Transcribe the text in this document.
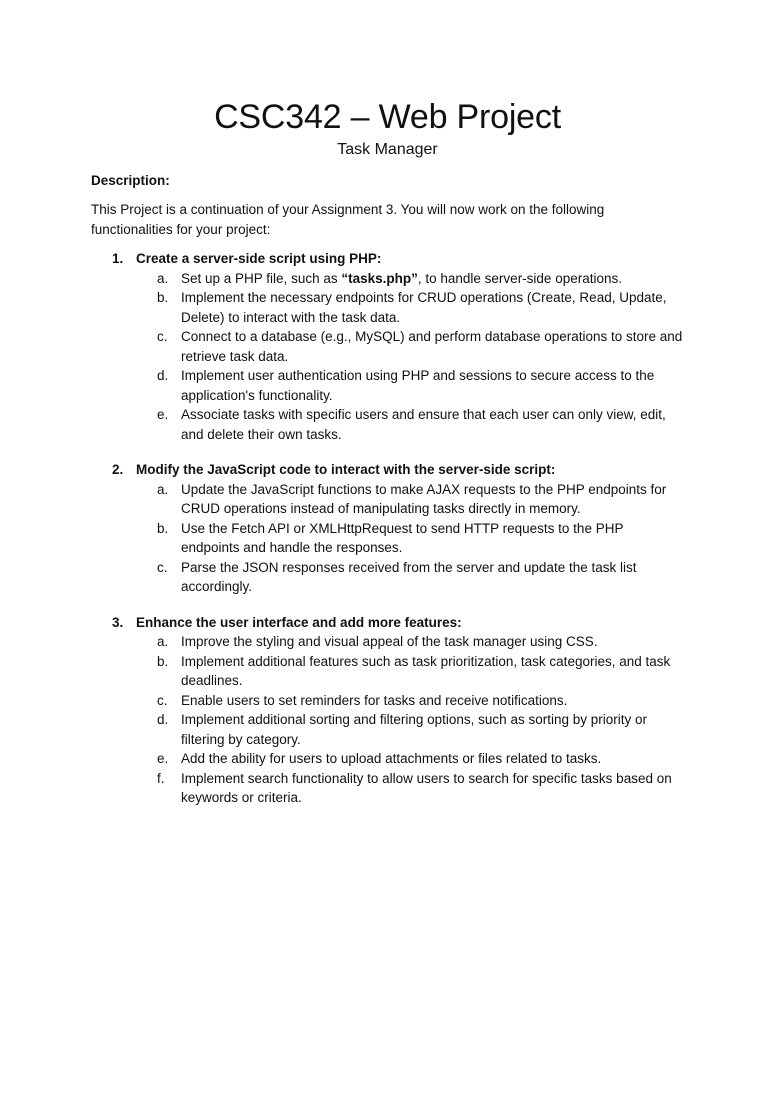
CSC342 – Web Project
Task Manager
Description:

This Project is a continuation of your Assignment 3. You will now work on the following functionalities for your project:

1. Create a server-side script using PHP:
a. Set up a PHP file, such as “tasks.php”, to handle server-side operations.
b. Implement the necessary endpoints for CRUD operations (Create, Read, Update, Delete) to interact with the task data.
c. Connect to a database (e.g., MySQL) and perform database operations to store and retrieve task data.
d. Implement user authentication using PHP and sessions to secure access to the application's functionality.
e. Associate tasks with specific users and ensure that each user can only view, edit, and delete their own tasks.
2. Modify the JavaScript code to interact with the server-side script:
a. Update the JavaScript functions to make AJAX requests to the PHP endpoints for CRUD operations instead of manipulating tasks directly in memory.
b. Use the Fetch API or XMLHttpRequest to send HTTP requests to the PHP endpoints and handle the responses.
c. Parse the JSON responses received from the server and update the task list accordingly.
3. Enhance the user interface and add more features:
a. Improve the styling and visual appeal of the task manager using CSS.
b. Implement additional features such as task prioritization, task categories, and task deadlines.
c. Enable users to set reminders for tasks and receive notifications.
d. Implement additional sorting and filtering options, such as sorting by priority or filtering by category.
e. Add the ability for users to upload attachments or files related to tasks.
f.	Implement search functionality to allow users to search for specific tasks based on keywords or criteria.
